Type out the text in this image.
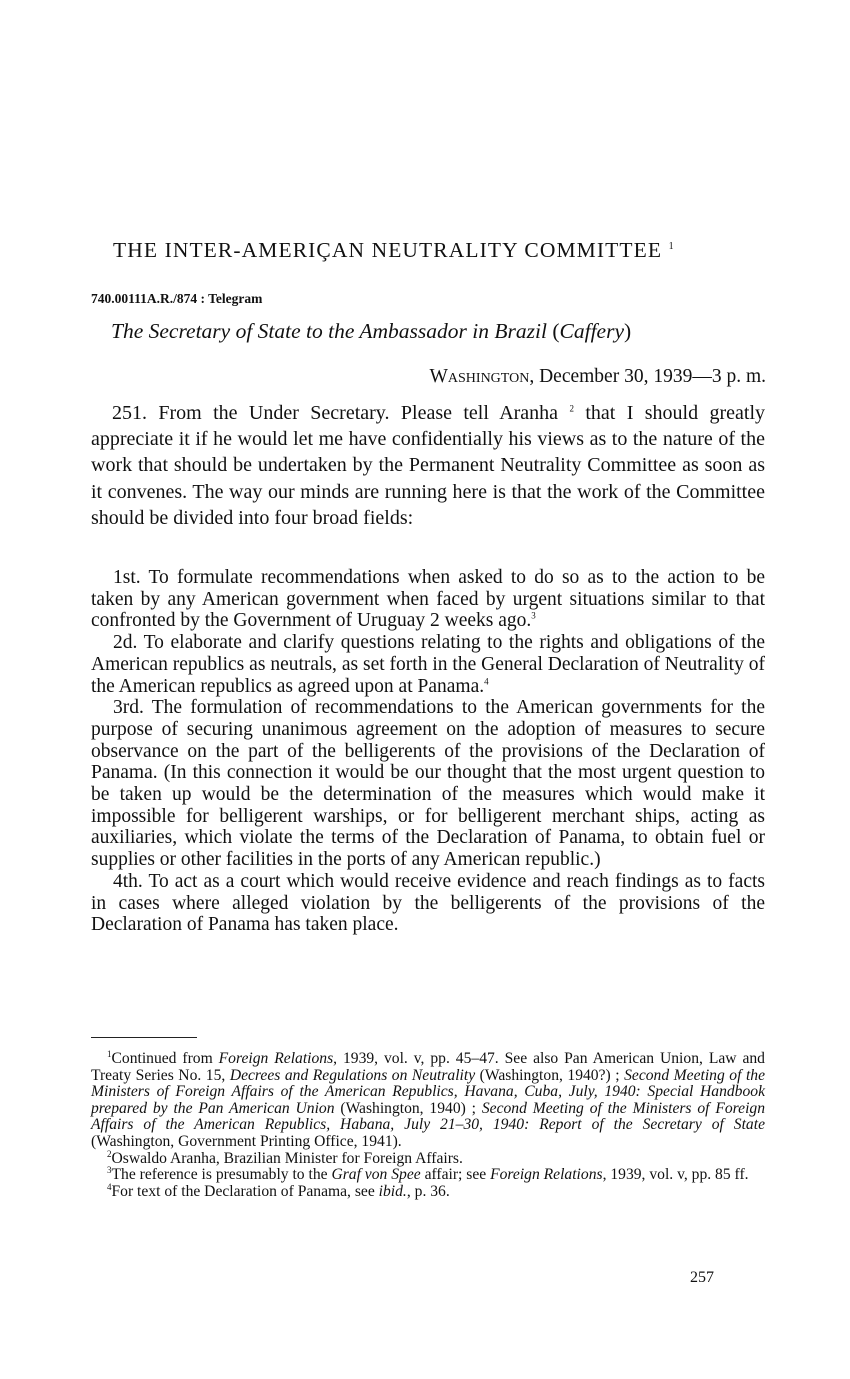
THE INTER-AMERIÇAN NEUTRALITY COMMITTEE $^1$
740.00111A.R./874 : Telegram
The Secretary of State to the Ambassador in Brazil (Caffery)
Washington, December 30, 1939—3 p. m.

251. From the Under Secretary. Please tell Aranha $^2$ that I should greatly appreciate it if he would let me have confidentially his views as to the nature of the work that should be undertaken by the Permanent Neutrality Committee as soon as it convenes. The way our minds are running here is that the work of the Committee should be divided into four broad fields:

1st. To formulate recommendations when asked to do so as to the action to be taken by any American government when faced by urgent situations similar to that confronted by the Government of Uruguay 2 weeks ago.$^3$

2d. To elaborate and clarify questions relating to the rights and obligations of the American republics as neutrals, as set forth in the General Declaration of Neutrality of the American republics as agreed upon at Panama.$^4$

3rd. The formulation of recommendations to the American governments for the purpose of securing unanimous agreement on the adoption of measures to secure observance on the part of the belligerents of the provisions of the Declaration of Panama. (In this connection it would be our thought that the most urgent question to be taken up would be the determination of the measures which would make it impossible for belligerent warships, or for belligerent merchant ships, acting as auxiliaries, which violate the terms of the Declaration of Panama, to obtain fuel or supplies or other facilities in the ports of any American republic.)

4th. To act as a court which would receive evidence and reach findings as to facts in cases where alleged violation by the belligerents of the provisions of the Declaration of Panama has taken place.

$^1$Continued from Foreign Relations, 1939, vol. v, pp. 45–47. See also Pan American Union, Law and Treaty Series No. 15, Decrees and Regulations on Neutrality (Washington, 1940?) ; Second Meeting of the Ministers of Foreign Affairs of the American Republics, Havana, Cuba, July, 1940: Special Handbook prepared by the Pan American Union (Washington, 1940) ; Second Meeting of the Ministers of Foreign Affairs of the American Republics, Habana, July 21–30, 1940: Report of the Secretary of State (Washington, Government Printing Office, 1941).

$^2$Oswaldo Aranha, Brazilian Minister for Foreign Affairs.

$^3$The reference is presumably to the Graf von Spee affair; see Foreign Relations, 1939, vol. v, pp. 85 ff.

$^4$For text of the Declaration of Panama, see ibid., p. 36.

257
